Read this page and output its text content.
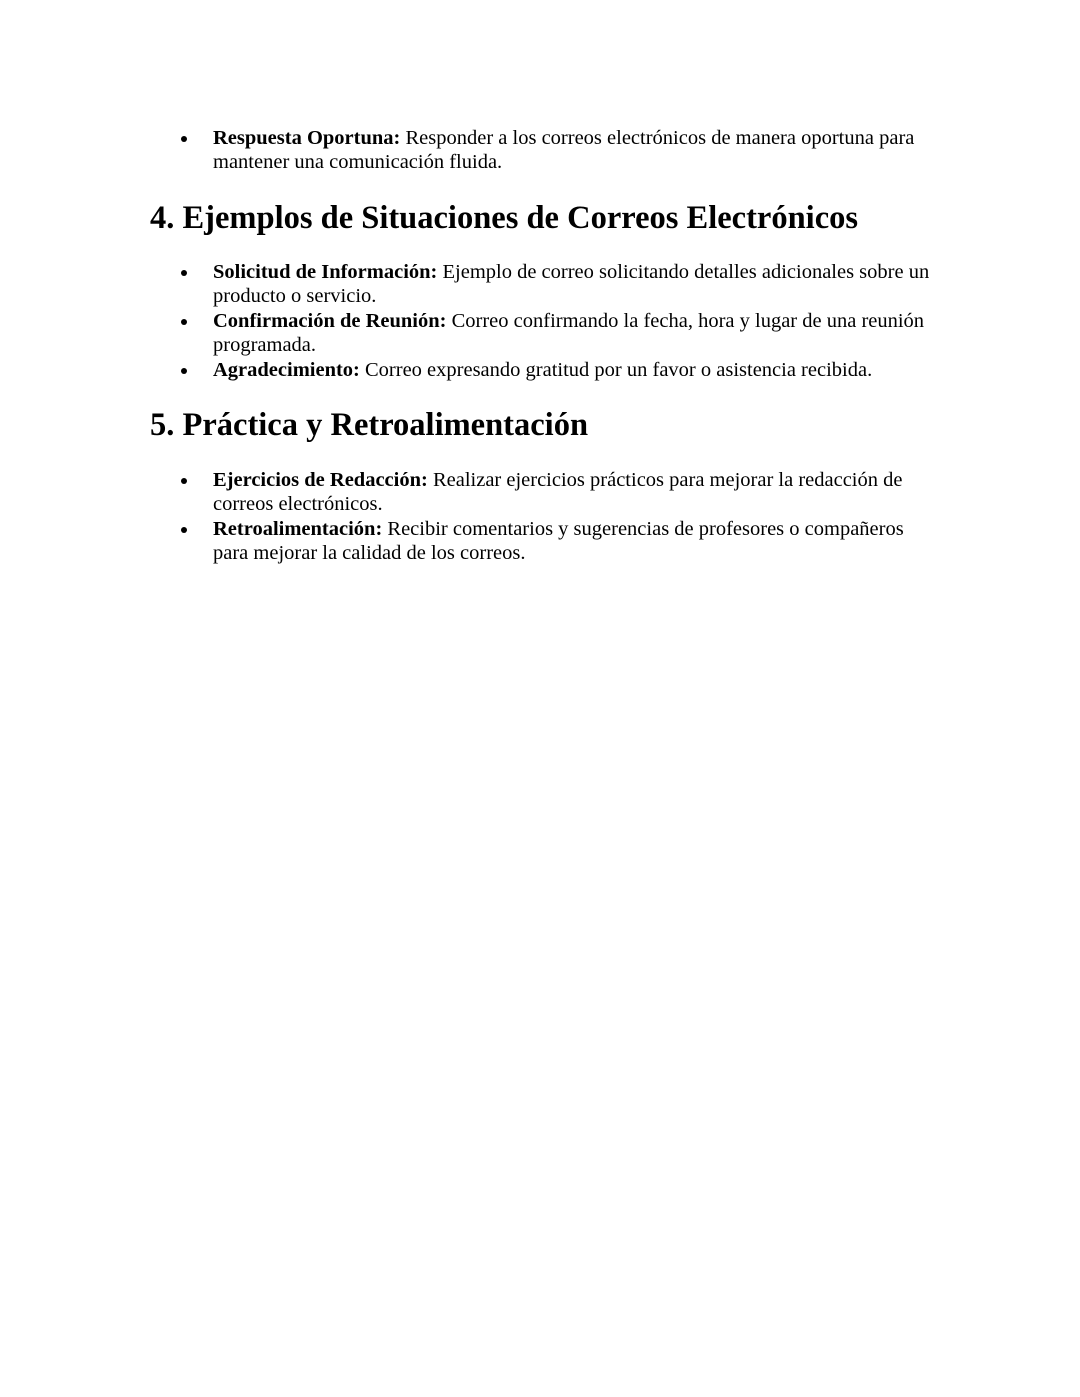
Respuesta Oportuna: Responder a los correos electrónicos de manera oportuna para mantener una comunicación fluida.
4. Ejemplos de Situaciones de Correos Electrónicos
Solicitud de Información: Ejemplo de correo solicitando detalles adicionales sobre un producto o servicio.
Confirmación de Reunión: Correo confirmando la fecha, hora y lugar de una reunión programada.
Agradecimiento: Correo expresando gratitud por un favor o asistencia recibida.
5. Práctica y Retroalimentación
Ejercicios de Redacción: Realizar ejercicios prácticos para mejorar la redacción de correos electrónicos.
Retroalimentación: Recibir comentarios y sugerencias de profesores o compañeros para mejorar la calidad de los correos.
